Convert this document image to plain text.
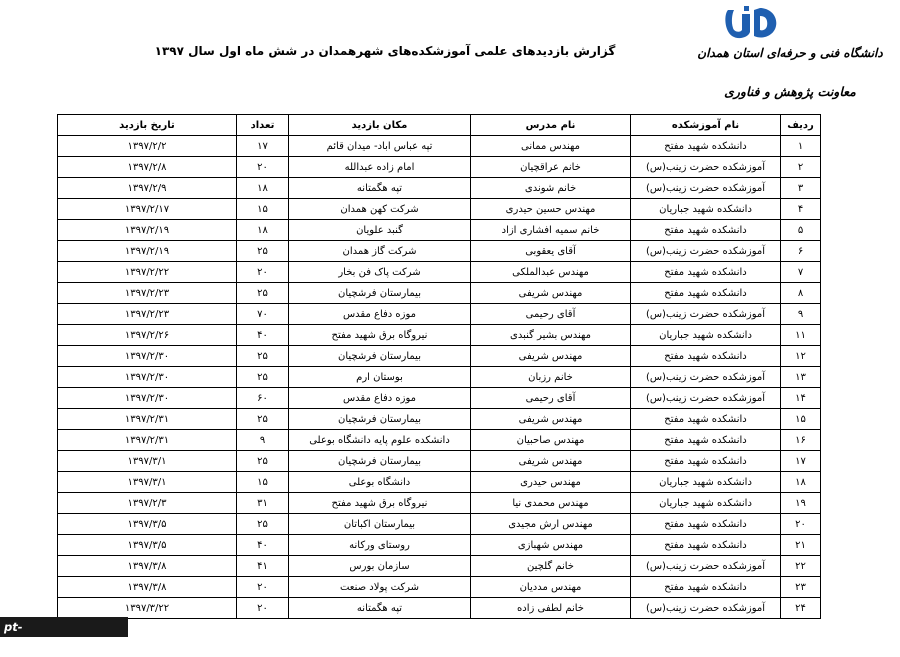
دانشگاه فنی و حرفه‌ای استان همدان
معاونت پژوهش و فناوری
گزارش بازدیدهای علمی آموزشکده‌های شهرهمدان در شش ماه اول سال ۱۳۹۷
ردیف	نام آموزشکده	نام مدرس	مکان بازدید	تعداد	تاریخ بازدید
۱	دانشکده شهید مفتح	مهندس ممانی	تپه عباس اباد- میدان قائم	۱۷	۱۳۹۷/۲/۲
۲	آموزشکده حضرت زینب(س)	خانم عراقچیان	امام زاده عبدالله	۲۰	۱۳۹۷/۲/۸
۳	آموزشکده حضرت زینب(س)	خانم شوندی	تپه هگمتانه	۱۸	۱۳۹۷/۲/۹
۴	دانشکده شهید جباریان	مهندس حسین حیدری	شرکت کهن همدان	۱۵	۱۳۹۷/۲/۱۷
۵	دانشکده شهید مفتح	خانم سمیه افشاری ازاد	گنبد علویان	۱۸	۱۳۹۷/۲/۱۹
۶	آموزشکده حضرت زینب(س)	آقای یعقوبی	شرکت گاز همدان	۲۵	۱۳۹۷/۲/۱۹
۷	دانشکده شهید مفتح	مهندس عبدالملکی	شرکت پاک فن بخار	۲۰	۱۳۹۷/۲/۲۲
۸	دانشکده شهید مفتح	مهندس شریفی	بیمارستان فرشچیان	۲۵	۱۳۹۷/۲/۲۳
۹	آموزشکده حضرت زینب(س)	آقای رحیمی	موزه دفاع مقدس	۷۰	۱۳۹۷/۲/۲۳
۱۱	دانشکده شهید جباریان	مهندس بشیر گنبدی	نیروگاه برق شهید مفتح	۴۰	۱۳۹۷/۲/۲۶
۱۲	دانشکده شهید مفتح	مهندس شریفی	بیمارستان فرشچیان	۲۵	۱۳۹۷/۲/۳۰
۱۳	آموزشکده حضرت زینب(س)	خانم رزبان	بوستان ارم	۲۵	۱۳۹۷/۲/۳۰
۱۴	آموزشکده حضرت زینب(س)	آقای رحیمی	موزه دفاع مقدس	۶۰	۱۳۹۷/۲/۳۰
۱۵	دانشکده شهید مفتح	مهندس شریفی	بیمارستان فرشچیان	۲۵	۱۳۹۷/۲/۳۱
۱۶	دانشکده شهید مفتح	مهندس صاحبیان	دانشکده علوم پایه دانشگاه بوعلی	۹	۱۳۹۷/۲/۳۱
۱۷	دانشکده شهید مفتح	مهندس شریفی	بیمارستان فرشچیان	۲۵	۱۳۹۷/۳/۱
۱۸	دانشکده شهید جباریان	مهندس حیدری	دانشگاه بوعلی	۱۵	۱۳۹۷/۳/۱
۱۹	دانشکده شهید جباریان	مهندس محمدی نیا	نیروگاه برق شهید مفتح	۳۱	۱۳۹۷/۲/۳
۲۰	دانشکده شهید مفتح	مهندس ارش مجیدی	بیمارستان اکباتان	۲۵	۱۳۹۷/۳/۵
۲۱	دانشکده شهید مفتح	مهندس شهبازی	روستای ورکانه	۴۰	۱۳۹۷/۳/۵
۲۲	آموزشکده حضرت زینب(س)	خانم گلچین	سازمان بورس	۴۱	۱۳۹۷/۳/۸
۲۳	دانشکده شهید مفتح	مهندس مددیان	شرکت پولاد صنعت	۲۰	۱۳۹۷/۳/۸
۲۴	آموزشکده حضرت زینب(س)	خانم لطفی زاده	تپه هگمتانه	۲۰	۱۳۹۷/۳/۲۲
pt-hamedan.tvu.ac.ir
